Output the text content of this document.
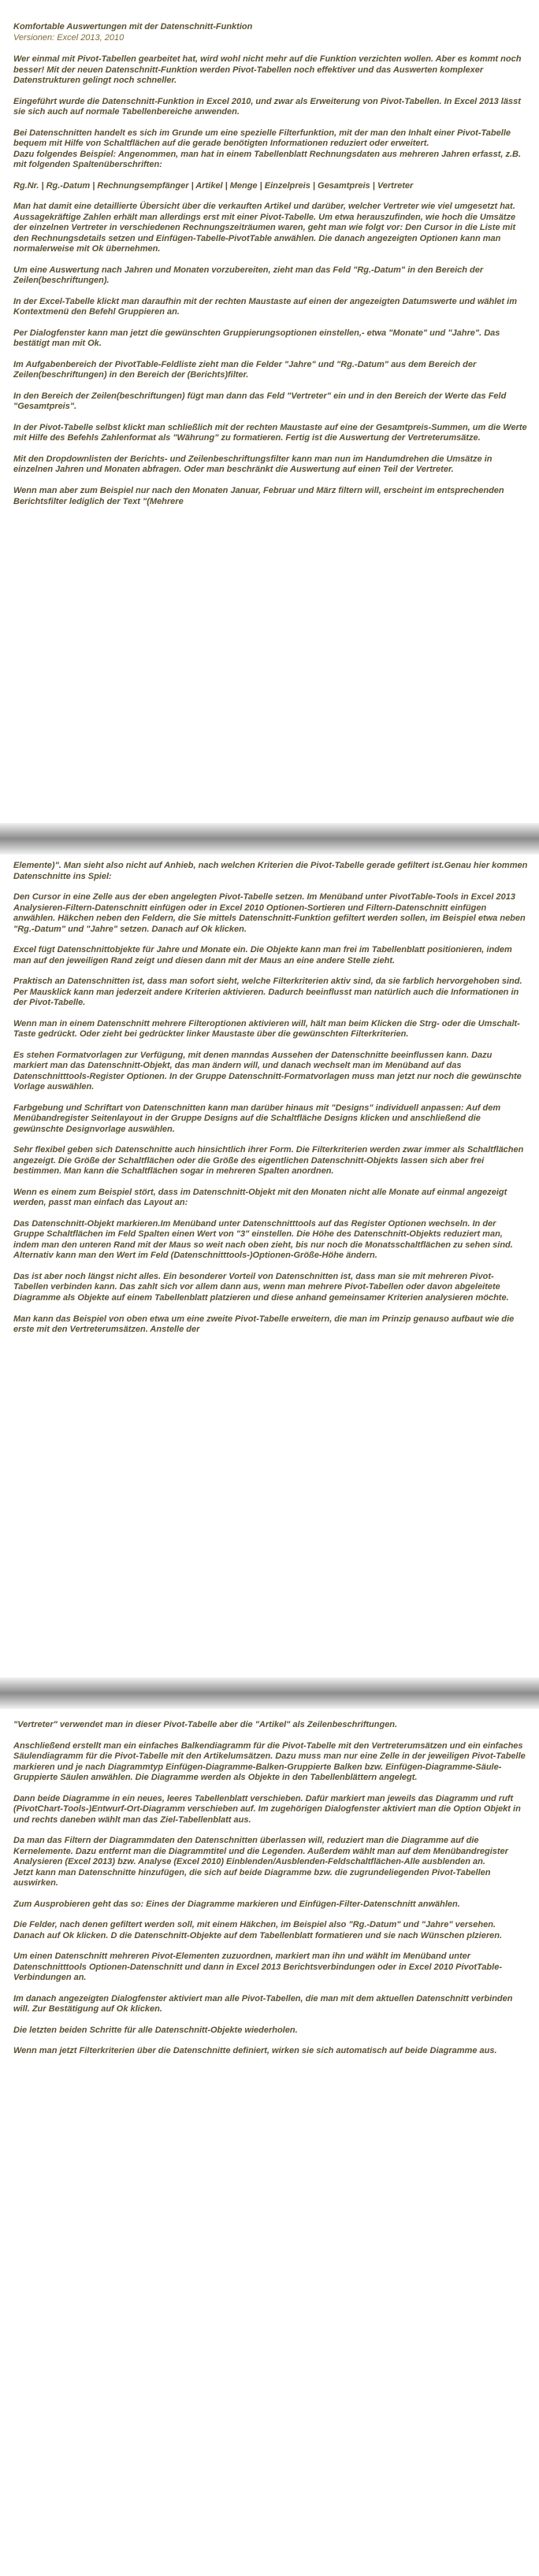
Komfortable Auswertungen mit der Datenschnitt-Funktion
Versionen: Excel 2013, 2010

Wer einmal mit Pivot-Tabellen gearbeitet hat, wird wohl nicht mehr auf die Funktion verzichten wollen. Aber es kommt noch besser! Mit der neuen Datenschnitt-Funktion werden Pivot-Tabellen noch effektiver und das Auswerten komplexer Datenstrukturen gelingt noch schneller.

Eingeführt wurde die Datenschnitt-Funktion in Excel 2010, und zwar als Erweiterung von Pivot-Tabellen. In Excel 2013 lässt sie sich auch auf normale Tabellenbereiche anwenden.

Bei Datenschnitten handelt es sich im Grunde um eine spezielle Filterfunktion, mit der man den Inhalt einer Pivot-Tabelle bequem mit Hilfe von Schaltflächen auf die gerade benötigten Informationen reduziert oder erweitert.
Dazu folgendes Beispiel: Angenommen, man hat in einem Tabellenblatt Rechnungsdaten aus mehreren Jahren erfasst, z.B. mit folgenden Spaltenüberschriften:

Rg.Nr. | Rg.-Datum | Rechnungsempfänger | Artikel | Menge | Einzelpreis | Gesamtpreis | Vertreter

Man hat damit eine detaillierte Übersicht über die verkauften Artikel und darüber, welcher Vertreter wie viel umgesetzt hat. Aussagekräftige Zahlen erhält man allerdings erst mit einer Pivot-Tabelle. Um etwa herauszufinden, wie hoch die Umsätze der einzelnen Vertreter in verschiedenen Rechnungszeiträumen waren, geht man wie folgt vor: Den Cursor in die Liste mit den Rechnungsdetails setzen und Einfügen-Tabelle-PivotTable anwählen. Die danach angezeigten Optionen kann man normalerweise mit Ok übernehmen.

Um eine Auswertung nach Jahren und Monaten vorzubereiten, zieht man das Feld "Rg.-Datum" in den Bereich der Zeilen(beschriftungen).

In der Excel-Tabelle klickt man daraufhin mit der rechten Maustaste auf einen der angezeigten Datumswerte und wählet im Kontextmenü den Befehl Gruppieren an.

Per Dialogfenster kann man jetzt die gewünschten Gruppierungsoptionen einstellen,- etwa "Monate" und "Jahre". Das bestätigt man mit Ok.

Im Aufgabenbereich der PivotTable-Feldliste zieht man die Felder "Jahre" und "Rg.-Datum" aus dem Bereich der Zeilen(beschriftungen) in den Bereich der (Berichts)filter.

In den Bereich der Zeilen(beschriftungen) fügt man dann das Feld "Vertreter" ein und in den Bereich der Werte das Feld "Gesamtpreis".

In der Pivot-Tabelle selbst klickt man schließlich mit der rechten Maustaste auf eine der Gesamtpreis-Summen, um die Werte mit Hilfe des Befehls Zahlenformat als "Währung" zu formatieren. Fertig ist die Auswertung der Vertreterumsätze.

Mit den Dropdownlisten der Berichts- und Zeilenbeschriftungsfilter kann man nun im Handumdrehen die Umsätze in einzelnen Jahren und Monaten abfragen. Oder man beschränkt die Auswertung auf einen Teil der Vertreter.

Wenn man aber zum Beispiel nur nach den Monaten Januar, Februar und März filtern will, erscheint im entsprechenden Berichtsfilter lediglich der Text "(Mehrere

Elemente)". Man sieht also nicht auf Anhieb, nach welchen Kriterien die Pivot-Tabelle gerade gefiltert ist.Genau hier kommen Datenschnitte ins Spiel:

Den Cursor in eine Zelle aus der eben angelegten Pivot-Tabelle setzen. Im Menüband unter PivotTable-Tools in Excel 2013 Analysieren-Filtern-Datenschnitt einfügen oder in Excel 2010 Optionen-Sortieren und Filtern-Datenschnitt einfügen anwählen. Häkchen neben den Feldern, die Sie mittels Datenschnitt-Funktion gefiltert werden sollen, im Beispiel etwa neben "Rg.-Datum" und "Jahre" setzen. Danach auf Ok klicken.

Excel fügt Datenschnittobjekte für Jahre und Monate ein. Die Objekte kann man frei im Tabellenblatt positionieren, indem man auf den jeweiligen Rand zeigt und diesen dann mit der Maus an eine andere Stelle zieht.

Praktisch an Datenschnitten ist, dass man sofort sieht, welche Filterkriterien aktiv sind, da sie farblich hervorgehoben sind. Per Mausklick kann man jederzeit andere Kriterien aktivieren. Dadurch beeinflusst man natürlich auch die Informationen in der Pivot-Tabelle.

Wenn man in einem Datenschnitt mehrere Filteroptionen aktivieren will, hält man beim Klicken die Strg- oder die Umschalt-Taste gedrückt. Oder zieht bei gedrückter linker Maustaste über die gewünschten Filterkriterien.

Es stehen Formatvorlagen zur Verfügung, mit denen manndas Aussehen der Datenschnitte beeinflussen kann. Dazu markiert man das Datenschnitt-Objekt, das man ändern will, und danach wechselt man im Menüband auf das Datenschnitttools-Register Optionen. In der Gruppe Datenschnitt-Formatvorlagen muss man jetzt nur noch die gewünschte Vorlage auswählen.

Farbgebung und Schriftart von Datenschnitten kann man darüber hinaus mit "Designs" individuell anpassen: Auf dem Menübandregister Seitenlayout in der Gruppe Designs auf die Schaltfläche Designs klicken und anschließend die gewünschte Designvorlage auswählen.

Sehr flexibel geben sich Datenschnitte auch hinsichtlich ihrer Form. Die Filterkriterien werden zwar immer als Schaltflächen angezeigt. Die Größe der Schaltflächen oder die Größe des eigentlichen Datenschnitt-Objekts lassen sich aber frei bestimmen. Man kann die Schaltflächen sogar in mehreren Spalten anordnen.

Wenn es einem zum Beispiel stört, dass im Datenschnitt-Objekt mit den Monaten nicht alle Monate auf einmal angezeigt werden, passt man einfach das Layout an:

Das Datenschnitt-Objekt markieren.Im Menüband unter Datenschnitttools auf das Register Optionen wechseln. In der Gruppe Schaltflächen im Feld Spalten einen Wert von "3" einstellen. Die Höhe des Datenschnitt-Objekts reduziert man, indem man den unteren Rand mit der Maus so weit nach oben zieht, bis nur noch die Monatsschaltflächen zu sehen sind. Alternativ kann man den Wert im Feld (Datenschnitttools-)Optionen-Größe-Höhe ändern.

Das ist aber noch längst nicht alles. Ein besonderer Vorteil von Datenschnitten ist, dass man sie mit mehreren Pivot-Tabellen verbinden kann. Das zahlt sich vor allem dann aus, wenn man mehrere Pivot-Tabellen oder davon abgeleitete Diagramme als Objekte auf einem Tabellenblatt platzieren und diese anhand gemeinsamer Kriterien analysieren möchte.

Man kann das Beispiel von oben etwa um eine zweite Pivot-Tabelle erweitern, die man im Prinzip genauso aufbaut wie die erste mit den Vertreterumsätzen. Anstelle der

"Vertreter" verwendet man in dieser Pivot-Tabelle aber die "Artikel" als Zeilenbeschriftungen.

Anschließend erstellt man ein einfaches Balkendiagramm für die Pivot-Tabelle mit den Vertreterumsätzen und ein einfaches Säulendiagramm für die Pivot-Tabelle mit den Artikelumsätzen. Dazu muss man nur eine Zelle in der jeweiligen Pivot-Tabelle markieren und je nach Diagrammtyp Einfügen-Diagramme-Balken-Gruppierte Balken bzw. Einfügen-Diagramme-Säule-Gruppierte Säulen anwählen. Die Diagramme werden als Objekte in den Tabellenblättern angelegt.

Dann beide Diagramme in ein neues, leeres Tabellenblatt verschieben. Dafür markiert man jeweils das Diagramm und ruft (PivotChart-Tools-)Entwurf-Ort-Diagramm verschieben auf. Im zugehörigen Dialogfenster aktiviert man die Option Objekt in und rechts daneben wählt man das Ziel-Tabellenblatt aus.

Da man das Filtern der Diagrammdaten den Datenschnitten überlassen will, reduziert man die Diagramme auf die Kernelemente. Dazu entfernt man die Diagrammtitel und die Legenden. Außerdem wählt man auf dem Menübandregister Analysieren (Excel 2013) bzw. Analyse (Excel 2010) Einblenden/Ausblenden-Feldschaltflächen-Alle ausblenden an.
Jetzt kann man Datenschnitte hinzufügen, die sich auf beide Diagramme bzw. die zugrundeliegenden Pivot-Tabellen auswirken.

Zum Ausprobieren geht das so: Eines der Diagramme markieren und Einfügen-Filter-Datenschnitt anwählen.

Die Felder, nach denen gefiltert werden soll, mit einem Häkchen, im Beispiel also "Rg.-Datum" und "Jahre" versehen. Danach auf Ok klicken. D die Datenschnitt-Objekte auf dem Tabellenblatt formatieren und sie nach Wünschen plzieren.

Um einen Datenschnitt mehreren Pivot-Elementen zuzuordnen, markiert man ihn und wählt im Menüband unter Datenschnitttools Optionen-Datenschnitt und dann in Excel 2013 Berichtsverbindungen oder in Excel 2010 PivotTable-Verbindungen an.

Im danach angezeigten Dialogfenster aktiviert man alle Pivot-Tabellen, die man mit dem aktuellen Datenschnitt verbinden will. Zur Bestätigung auf Ok klicken.

Die letzten beiden Schritte für alle Datenschnitt-Objekte wiederholen.

Wenn man jetzt Filterkriterien über die Datenschnitte definiert, wirken sie sich automatisch auf beide Diagramme aus.
